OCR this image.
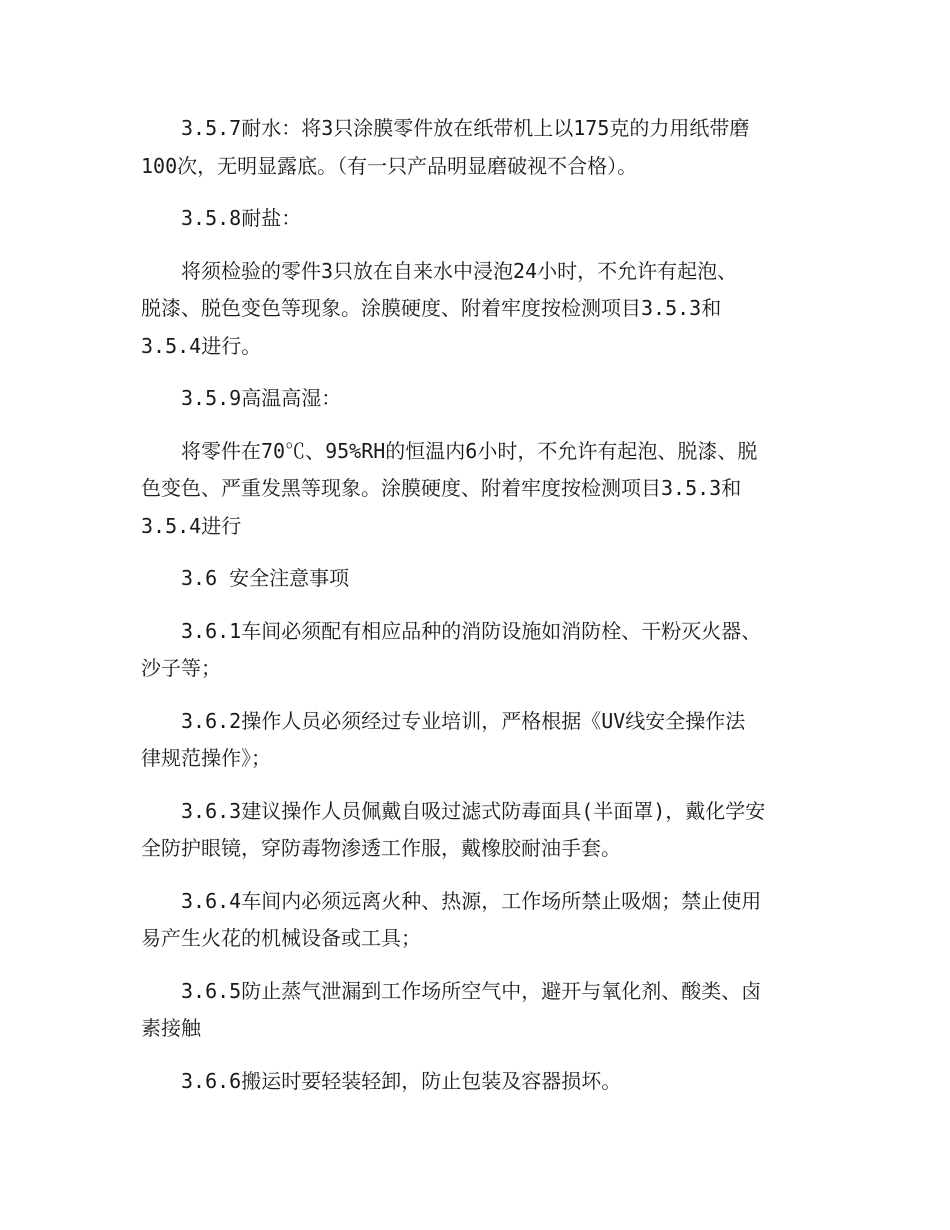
3.5.7耐水：将3只涂膜零件放在纸带机上以175克的力用纸带磨
100次，无明显露底。（有一只产品明显磨破视不合格）。
3.5.8耐盐：
将须检验的零件3只放在自来水中浸泡24小时，不允许有起泡、
脱漆、脱色变色等现象。涂膜硬度、附着牢度按检测项目3.5.3和
3.5.4进行。
3.5.9高温高湿：
将零件在70℃、95%RH的恒温内6小时，不允许有起泡、脱漆、脱
色变色、严重发黑等现象。涂膜硬度、附着牢度按检测项目3.5.3和
3.5.4进行
3.6 安全注意事项
3.6.1车间必须配有相应品种的消防设施如消防栓、干粉灭火器、
沙子等；
3.6.2操作人员必须经过专业培训，严格根据《UV线安全操作法
律规范操作》；
3.6.3建议操作人员佩戴自吸过滤式防毒面具(半面罩)，戴化学安
全防护眼镜，穿防毒物渗透工作服，戴橡胶耐油手套。
3.6.4车间内必须远离火种、热源，工作场所禁止吸烟；禁止使用
易产生火花的机械设备或工具；
3.6.5防止蒸气泄漏到工作场所空气中，避开与氧化剂、酸类、卤
素接触
3.6.6搬运时要轻装轻卸，防止包装及容器损坏。
